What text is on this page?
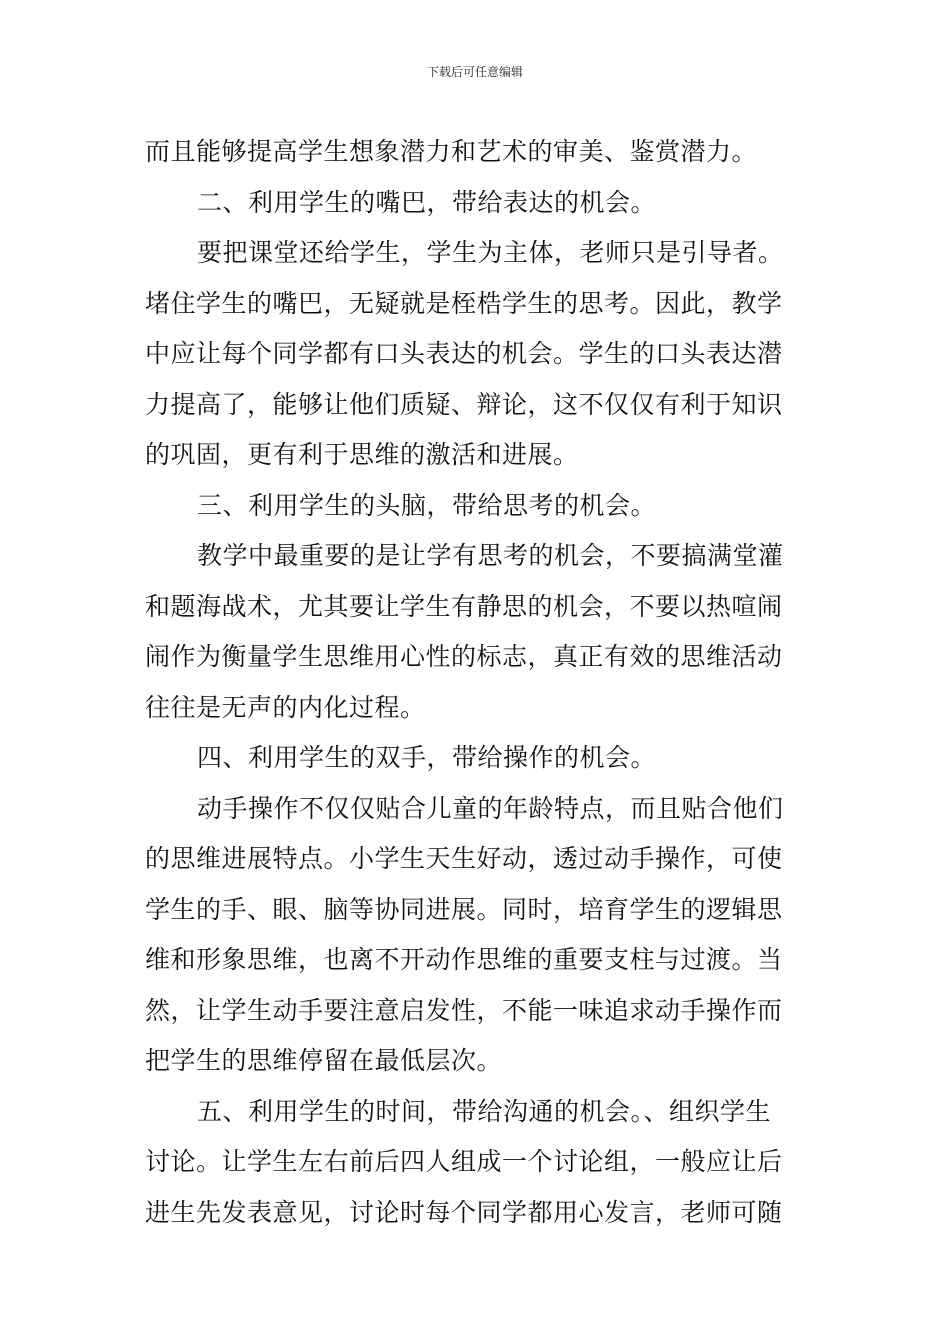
下载后可任意编辑
而且能够提高学生想象潜力和艺术的审美、鉴赏潜力。
二、利用学生的嘴巴，带给表达的机会。
要把课堂还给学生，学生为主体，老师只是引导者。
堵住学生的嘴巴，无疑就是桎梏学生的思考。因此，教学
中应让每个同学都有口头表达的机会。学生的口头表达潜
力提高了，能够让他们质疑、辩论，这不仅仅有利于知识
的巩固，更有利于思维的激活和进展。
三、利用学生的头脑，带给思考的机会。
教学中最重要的是让学有思考的机会，不要搞满堂灌
和题海战术，尤其要让学生有静思的机会，不要以热喧闹
闹作为衡量学生思维用心性的标志，真正有效的思维活动
往往是无声的内化过程。
四、利用学生的双手，带给操作的机会。
动手操作不仅仅贴合儿童的年龄特点，而且贴合他们
的思维进展特点。小学生天生好动，透过动手操作，可使
学生的手、眼、脑等协同进展。同时，培育学生的逻辑思
维和形象思维，也离不开动作思维的重要支柱与过渡。当
然，让学生动手要注意启发性，不能一味追求动手操作而
把学生的思维停留在最低层次。
五、利用学生的时间，带给沟通的机会。、组织学生
讨论。让学生左右前后四人组成一个讨论组，一般应让后
进生先发表意见，讨论时每个同学都用心发言，老师可随
